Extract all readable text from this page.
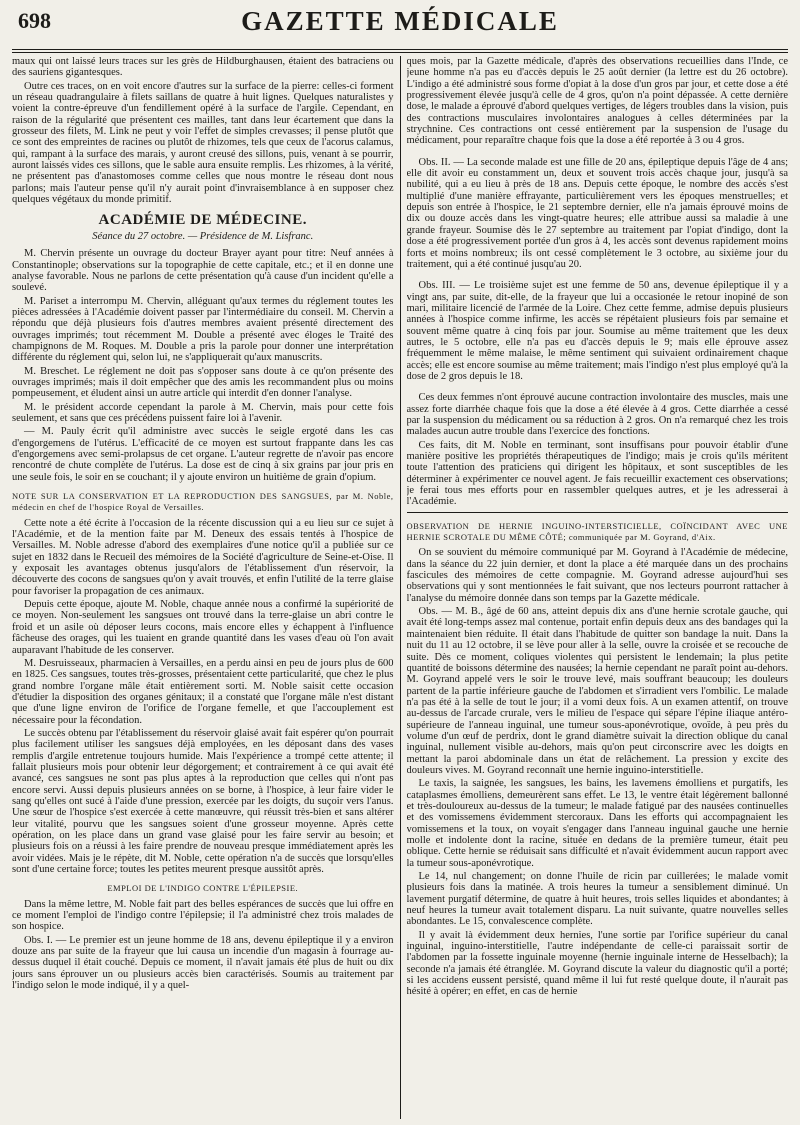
698	GAZETTE MÉDICALE

maux qui ont laissé leurs traces sur les grès de Hildburghausen, étaient des batraciens ou des sauriens gigantesques.

Outre ces traces, on en voit encore d'autres sur la surface de la pierre: celles-ci forment un réseau quadrangulaire à filets saillans de quatre à huit lignes. Quelques naturalistes y voient la contre-épreuve d'un fendillement opéré à la surface de l'argile. Cependant, en raison de la régularité que présentent ces mailles, tant dans leur écartement que dans la grosseur des filets, M. Link ne peut y voir l'effet de simples crevasses; il pense plutôt que ce sont des empreintes de racines ou plutôt de rhizomes, tels que ceux de l'acorus calamus, qui, rampant à la surface des marais, y auront creusé des sillons, puis, venant à se pourrir, auront laissés vides ces sillons, que le sable aura ensuite remplis. Les rhizomes, à la vérité, ne présentent pas d'anastomoses comme celles que nous montre le réseau dont nous parlons; mais l'auteur pense qu'il n'y aurait point d'invraisemblance à en supposer chez quelques végétaux du monde primitif.

ACADÉMIE DE MÉDECINE.
Séance du 27 octobre. — Présidence de M. Lisfranc.

M. Chervin présente un ouvrage du docteur Brayer ayant pour titre: Neuf années à Constantinople; observations sur la topographie de cette capitale, etc.; et il en donne une analyse favorable. Nous ne parlons de cette présentation qu'à cause d'un incident qu'elle a soulevé.

M. Pariset a interrompu M. Chervin, alléguant qu'aux termes du réglement toutes les pièces adressées à l'Académie doivent passer par l'intermédiaire du conseil. M. Chervin a répondu que déjà plusieurs fois d'autres membres avaient présenté directement des ouvrages imprimés; tout récemment M. Double a présenté avec éloges le Traité des champignons de M. Roques. M. Double a pris la parole pour donner une interprétation différente du réglement qui, selon lui, ne s'appliquerait qu'aux manuscrits.

M. Breschet. Le réglement ne doit pas s'opposer sans doute à ce qu'on présente des ouvrages imprimés; mais il doit empêcher que des amis les recommandent plus ou moins pompeusement, et éludent ainsi un autre article qui interdit d'en donner l'analyse.

M. le président accorde cependant la parole à M. Chervin, mais pour cette fois seulement, et sans que ces précédens puissent faire loi à l'avenir.

— M. Pauly écrit qu'il administre avec succès le seigle ergoté dans les cas d'engorgemens de l'utérus. L'efficacité de ce moyen est surtout frappante dans les cas d'engorgemens avec semi-prolapsus de cet organe. L'auteur regrette de n'avoir pas encore rencontré de chute complète de l'utérus. La dose est de cinq à six grains par jour pris en une seule fois, le soir en se couchant; il y ajoute environ un huitième de grain d'opium.

NOTE SUR LA CONSERVATION ET LA REPRODUCTION DES SANGSUES, par M. Noble, médecin en chef de l'hospice Royal de Versailles.

Cette note a été écrite à l'occasion de la récente discussion qui a eu lieu sur ce sujet à l'Académie, et de la mention faite par M. Deneux des essais tentés à l'hospice de Versailles. M. Noble adresse d'abord des exemplaires d'une notice qu'il a publiée sur ce sujet en 1832 dans le Recueil des mémoires de la Société d'agriculture de Seine-et-Oise. Il y exposait les avantages obtenus jusqu'alors de l'établissement d'un réservoir, la découverte des cocons de sangsues qu'on y avait trouvés, et enfin l'utilité de la terre glaise pour favoriser la propagation de ces animaux.

Depuis cette époque, ajoute M. Noble, chaque année nous a confirmé la supériorité de ce moyen. Non-seulement les sangsues ont trouvé dans la terre-glaise un abri contre le froid et un asile où déposer leurs cocons, mais encore elles y échappent à l'influence fâcheuse des orages, qui les tuaient en grande quantité dans les vases d'eau où l'on avait auparavant l'habitude de les conserver.

M. Desruisseaux, pharmacien à Versailles, en a perdu ainsi en peu de jours plus de 600 en 1825. Ces sangsues, toutes très-grosses, présentaient cette particularité, que chez le plus grand nombre l'organe mâle était entièrement sorti. M. Noble saisit cette occasion d'étudier la disposition des organes génitaux; il a constaté que l'organe mâle n'est distant que d'une ligne environ de l'orifice de l'organe femelle, et que l'accouplement est nécessaire pour la fécondation.

Le succès obtenu par l'établissement du réservoir glaisé avait fait espérer qu'on pourrait plus facilement utiliser les sangsues déjà employées, en les déposant dans des vases remplis d'argile entretenue toujours humide. Mais l'expérience a trompé cette attente; il fallait plusieurs mois pour obtenir leur dégorgement; et contrairement à ce qui avait été avancé, ces sangsues ne sont pas plus aptes à la reproduction que celles qui n'ont pas encore servi. Aussi depuis plusieurs années on se borne, à l'hospice, à leur faire vider le sang qu'elles ont sucé à l'aide d'une pression, exercée par les doigts, du suçoir vers l'anus. Une sœur de l'hospice s'est exercée à cette manœuvre, qui réussit très-bien et sans altérer leur vitalité, pourvu que les sangsues soient d'une grosseur moyenne. Après cette opération, on les place dans un grand vase glaisé pour les faire servir au besoin; et plusieurs fois on a réussi à les faire prendre de nouveau presque immédiatement après les avoir vidées. Mais je le répète, dit M. Noble, cette opération n'a de succès que lorsqu'elles sont d'une certaine force; toutes les petites meurent presque aussitôt après.

EMPLOI DE L'INDIGO CONTRE L'ÉPILEPSIE.

Dans la même lettre, M. Noble fait part des belles espérances de succès que lui offre en ce moment l'emploi de l'indigo contre l'épilepsie; il l'a administré chez trois malades de son hospice.

Obs. I. — Le premier est un jeune homme de 18 ans, devenu épileptique il y a environ douze ans par suite de la frayeur que lui causa un incendie d'un magasin à fourrage au-dessus duquel il était couché. Depuis ce moment, il n'avait jamais été plus de huit ou dix jours sans éprouver un ou plusieurs accès bien caractérisés. Soumis au traitement par l'indigo selon le mode indiqué, il y a quel-

ques mois, par la Gazette médicale, d'après des observations recueillies dans l'Inde, ce jeune homme n'a pas eu d'accès depuis le 25 août dernier (la lettre est du 26 octobre). L'indigo a été administré sous forme d'opiat à la dose d'un gros par jour, et cette dose a été progressivement élevée jusqu'à celle de 4 gros, qu'on n'a point dépassée. A cette dernière dose, le malade a éprouvé d'abord quelques vertiges, de légers troubles dans la vision, puis des contractions musculaires involontaires analogues à celles déterminées par la strychnine. Ces contractions ont cessé entièrement par la suspension de l'usage du médicament, pour reparaître chaque fois que la dose a été reportée à 3 ou 4 gros.

Obs. II. — La seconde malade est une fille de 20 ans, épileptique depuis l'âge de 4 ans; elle dit avoir eu constamment un, deux et souvent trois accès chaque jour, jusqu'à sa nubilité, qui a eu lieu à près de 18 ans. Depuis cette époque, le nombre des accès s'est multiplié d'une manière effrayante, particulièrement vers les époques menstruelles; et depuis son entrée à l'hospice, le 21 septembre dernier, elle n'a jamais éprouvé moins de dix ou douze accès dans les vingt-quatre heures; elle attribue aussi sa maladie à une grande frayeur. Soumise dès le 27 septembre au traitement par l'opiat d'indigo, dont la dose a été progressivement portée d'un gros à 4, les accès sont devenus rapidement moins forts et moins nombreux; ils ont cessé complètement le 3 octobre, au sixième jour du traitement, qui a été continué jusqu'au 20.

Obs. III. — Le troisième sujet est une femme de 50 ans, devenue épileptique il y a vingt ans, par suite, dit-elle, de la frayeur que lui a occasionée le retour inopiné de son mari, militaire licencié de l'armée de la Loire. Chez cette femme, admise depuis plusieurs années à l'hospice comme infirme, les accès se répétaient plusieurs fois par semaine et souvent même quatre à cinq fois par jour. Soumise au même traitement que les deux autres, le 5 octobre, elle n'a pas eu d'accès depuis le 9; mais elle éprouve assez fréquemment le même malaise, le même sentiment qui suivaient ordinairement chaque accès; elle est encore soumise au même traitement; mais l'indigo n'est plus employé qu'à la dose de 2 gros depuis le 18.

Ces deux femmes n'ont éprouvé aucune contraction involontaire des muscles, mais une assez forte diarrhée chaque fois que la dose a été élevée à 4 gros. Cette diarrhée a cessé par la suspension du médicament ou sa réduction à 2 gros. On n'a remarqué chez les trois malades aucun autre trouble dans l'exercice des fonctions.

Ces faits, dit M. Noble en terminant, sont insuffisans pour pouvoir établir d'une manière positive les propriétés thérapeutiques de l'indigo; mais je crois qu'ils méritent toute l'attention des praticiens qui dirigent les hôpitaux, et sont susceptibles de les déterminer à expérimenter ce nouvel agent. Je fais recueillir exactement ces observations; je ferai tous mes efforts pour en rassembler quelques autres, et je les adresserai à l'Académie.

OBSERVATION DE HERNIE INGUINO-INTERSTICIELLE, COÏNCIDANT AVEC UNE HERNIE SCROTALE DU MÊME CÔTÉ; communiquée par M. Goyrand, d'Aix.

On se souvient du mémoire communiqué par M. Goyrand à l'Académie de médecine, dans la séance du 22 juin dernier, et dont la place a été marquée dans un des prochains fascicules des mémoires de cette compagnie. M. Goyrand adresse aujourd'hui ses observations qui y sont mentionnées le fait suivant, que nos lecteurs pourront rattacher à l'analyse du mémoire donnée dans son temps par la Gazette médicale.

Obs. — M. B., âgé de 60 ans, atteint depuis dix ans d'une hernie scrotale gauche, qui avait été long-temps assez mal contenue, portait enfin depuis deux ans des bandages qui la maintenaient bien réduite. Il était dans l'habitude de quitter son bandage la nuit. Dans la nuit du 11 au 12 octobre, il se lève pour aller à la selle, ouvre la croisée et se recouche de suite. Dès ce moment, coliques violentes qui persistent le lendemain; la plus petite quantité de boissons détermine des nausées; la hernie cependant ne paraît point au-dehors. M. Goyrand appelé vers le soir le trouve levé, mais souffrant beaucoup; les douleurs partent de la partie inférieure gauche de l'abdomen et s'irradient vers l'ombilic. Le malade n'a pas été à la selle de tout le jour; il a vomi deux fois. A un examen attentif, on trouve au-dessus de l'arcade crurale, vers le milieu de l'espace qui sépare l'épine iliaque antéro-supérieure de l'anneau inguinal, une tumeur sous-aponévrotique, ovoïde, à peu près du volume d'un œuf de perdrix, dont le grand diamètre suivait la direction oblique du canal inguinal, nullement visible au-dehors, mais qu'on peut circonscrire avec les doigts en mettant la paroi abdominale dans un état de relâchement. La pression y excite des douleurs vives. M. Goyrand reconnaît une hernie inguino-interstitielle.

Le taxis, la saignée, les sangsues, les bains, les lavemens émolliens et purgatifs, les cataplasmes émolliens, demeurèrent sans effet. Le 13, le ventre était légèrement ballonné et très-douloureux au-dessus de la tumeur; le malade fatigué par des nausées continuelles et des vomissemens évidemment stercoraux. Dans les efforts qui accompagnaient les vomissemens et la toux, on voyait s'engager dans l'anneau inguinal gauche une hernie molle et indolente dont la racine, située en dedans de la première tumeur, était peu oblique. Cette hernie se réduisait sans difficulté et n'avait évidemment aucun rapport avec la tumeur sous-aponévrotique.

Le 14, nul changement; on donne l'huile de ricin par cuillerées; le malade vomit plusieurs fois dans la matinée. A trois heures la tumeur a sensiblement diminué. Un lavement purgatif détermine, de quatre à huit heures, trois selles liquides et abondantes; à neuf heures la tumeur avait totalement disparu. La nuit suivante, quatre nouvelles selles abondantes. Le 15, convalescence complète.

Il y avait là évidemment deux hernies, l'une sortie par l'orifice supérieur du canal inguinal, inguino-interstitielle, l'autre indépendante de celle-ci paraissait sortir de l'abdomen par la fossette inguinale moyenne (hernie inguinale interne de Hesselbach); la seconde n'a jamais été étranglée. M. Goyrand discute la valeur du diagnostic qu'il a porté; si les accidens eussent persisté, quand même il lui fut resté quelque doute, il n'aurait pas hésité à opérer; en effet, en cas de hernie
